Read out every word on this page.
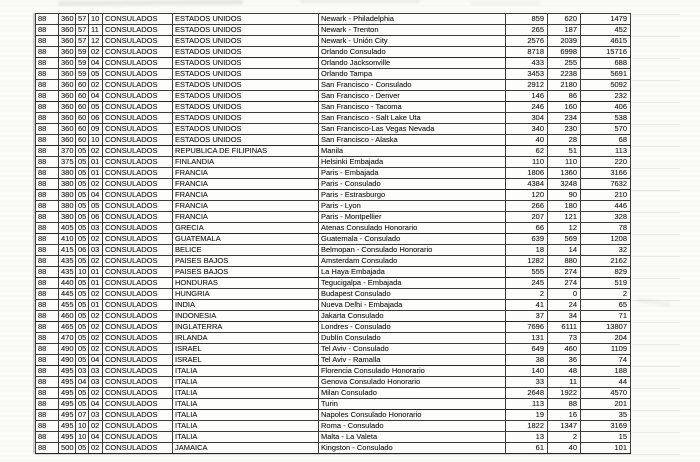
88	360	57	10	CONSULADOS	ESTADOS UNIDOS	Newark - Philadelphia	859	620	1479
88	360	57	11	CONSULADOS	ESTADOS UNIDOS	Newark - Trenton	265	187	452
88	360	57	12	CONSULADOS	ESTADOS UNIDOS	Newark - Unión City	2576	2039	4615
88	360	59	02	CONSULADOS	ESTADOS UNIDOS	Orlando Consulado	8718	6998	15716
88	360	59	04	CONSULADOS	ESTADOS UNIDOS	Orlando Jacksonville	433	255	688
88	360	59	05	CONSULADOS	ESTADOS UNIDOS	Orlando Tampa	3453	2238	5691
88	360	60	02	CONSULADOS	ESTADOS UNIDOS	San Francisco - Consulado	2912	2180	5092
88	360	60	04	CONSULADOS	ESTADOS UNIDOS	San Francisco - Denver	146	86	232
88	360	60	05	CONSULADOS	ESTADOS UNIDOS	San Francisco - Tacoma	246	160	406
88	360	60	06	CONSULADOS	ESTADOS UNIDOS	San Francisco - Salt Lake Uta	304	234	538
88	360	60	09	CONSULADOS	ESTADOS UNIDOS	San Francisco-Las Vegas Nevada	340	230	570
88	360	60	10	CONSULADOS	ESTADOS UNIDOS	San Francisco - Alaska	40	28	68
88	370	05	02	CONSULADOS	REPUBLICA DE FILIPINAS	Manila	62	51	113
88	375	05	01	CONSULADOS	FINLANDIA	Helsinki Embajada	110	110	220
88	380	05	01	CONSULADOS	FRANCIA	Paris - Embajada	1806	1360	3166
88	380	05	02	CONSULADOS	FRANCIA	Paris - Consulado	4384	3248	7632
88	380	05	04	CONSULADOS	FRANCIA	Paris - Estrasburgo	120	90	210
88	380	05	05	CONSULADOS	FRANCIA	Paris - Lyon	266	180	446
88	380	05	06	CONSULADOS	FRANCIA	Paris - Montpellier	207	121	328
88	405	05	03	CONSULADOS	GRECIA	Atenas Consulado Honorario	66	12	78
88	410	05	02	CONSULADOS	GUATEMALA	Guatemala - Consulado	639	569	1208
88	415	06	03	CONSULADOS	BELICE	Belmopan - Consulado Honorario	18	14	32
88	435	05	02	CONSULADOS	PAISES BAJOS	Amsterdam Consulado	1282	880	2162
88	435	10	01	CONSULADOS	PAISES BAJOS	La Haya Embajada	555	274	829
88	440	05	01	CONSULADOS	HONDURAS	Tegucigalpa - Embajada	245	274	519
88	445	05	02	CONSULADOS	HUNGRIA	Budapest Consulado	2	0	2
88	455	05	01	CONSULADOS	INDIA	Nueva Delhi - Embajada	41	24	65
88	460	05	02	CONSULADOS	INDONESIA	Jakarta Consulado	37	34	71
88	465	05	02	CONSULADOS	INGLATERRA	Londres - Consulado	7696	6111	13807
88	470	05	02	CONSULADOS	IRLANDA	Dublín Consulado	131	73	204
88	490	05	02	CONSULADOS	ISRAEL	Tel Aviv - Consulado	649	460	1109
88	490	05	04	CONSULADOS	ISRAEL	Tel Aviv - Ramalla	38	36	74
88	495	03	03	CONSULADOS	ITALIA	Florencia Consulado Honorario	140	48	188
88	495	04	03	CONSULADOS	ITALIA	Genova Consulado Honorario	33	11	44
88	495	05	02	CONSULADOS	ITALIA	Milan Consulado	2648	1922	4570
88	495	05	04	CONSULADOS	ITALIA	Turin	113	88	201
88	495	07	03	CONSULADOS	ITALIA	Napoles Consulado Honorario	19	16	35
88	495	10	02	CONSULADOS	ITALIA	Roma - Consulado	1822	1347	3169
88	495	10	04	CONSULADOS	ITALIA	Malta - La Valeta	13	2	15
88	500	05	02	CONSULADOS	JAMAICA	Kingston - Consulado	61	40	101
